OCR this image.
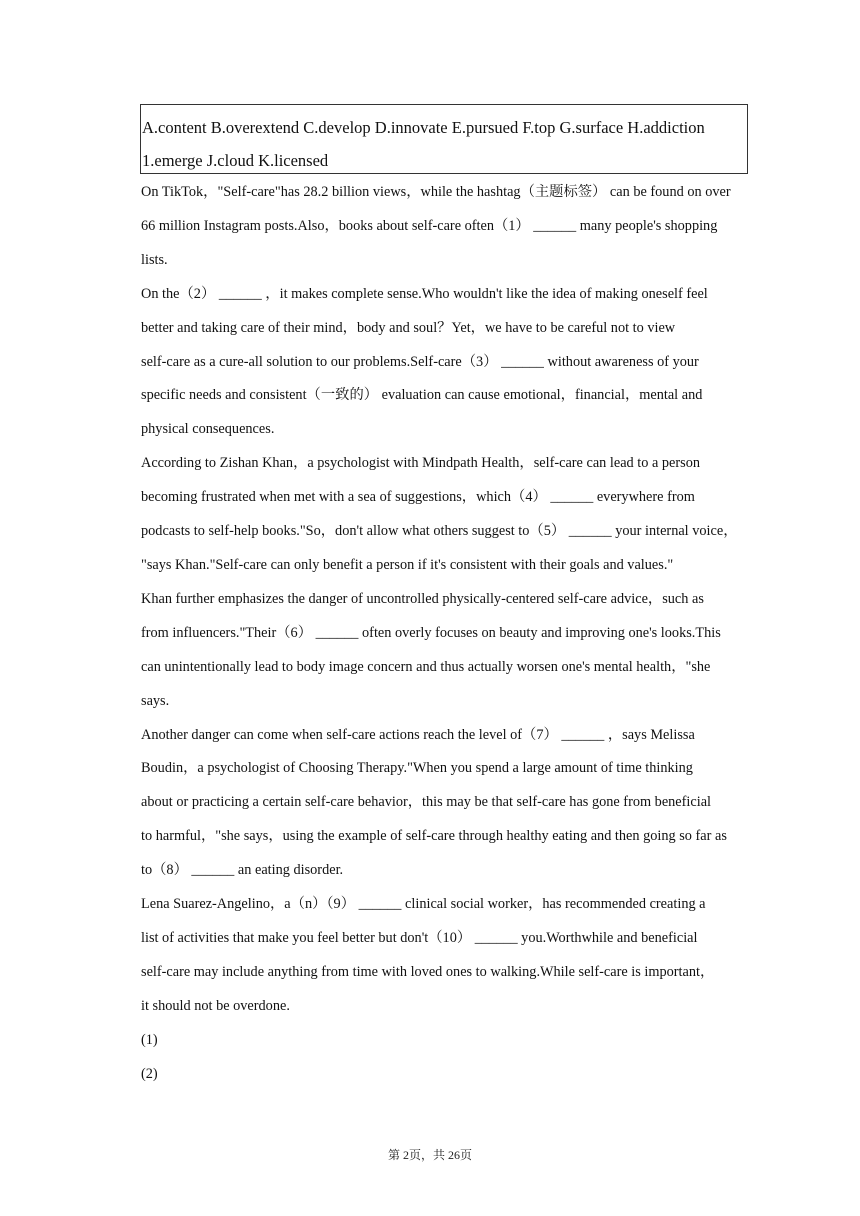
A.content B.overextend C.develop D.innovate E.pursued F.top G.surface H.addiction
1.emerge J.cloud K.licensed

On TikTok，"Self-care"has 28.2 billion views，while the hashtag（主题标签） can be found on over
66 million Instagram posts.Also，books about self-care often（1） ______ many people's shopping
lists.

On the（2） ______ ，it makes complete sense.Who wouldn't like the idea of making oneself feel
better and taking care of their mind，body and soul？Yet，we have to be careful not to view
self-care as a cure-all solution to our problems.Self-care（3） ______ without awareness of your
specific needs and consistent（一致的） evaluation can cause emotional，financial，mental and
physical consequences.

According to Zishan Khan，a psychologist with Mindpath Health，self-care can lead to a person
becoming frustrated when met with a sea of suggestions，which（4） ______ everywhere from
podcasts to self-help books."So，don't allow what others suggest to（5） ______ your internal voice，
"says Khan."Self-care can only benefit a person if it's consistent with their goals and values."

Khan further emphasizes the danger of uncontrolled physically-centered self-care advice，such as
from influencers."Their（6） ______ often overly focuses on beauty and improving one's looks.This
can unintentionally lead to body image concern and thus actually worsen one's mental health，"she
says.

Another danger can come when self-care actions reach the level of（7） ______ ，says Melissa
Boudin，a psychologist of Choosing Therapy."When you spend a large amount of time thinking
about or practicing a certain self-care behavior，this may be that self-care has gone from beneficial
to harmful，"she says，using the example of self-care through healthy eating and then going so far as
to（8） ______ an eating disorder.

Lena Suarez-Angelino，a（n）（9） ______ clinical social worker，has recommended creating a
list of activities that make you feel better but don't（10） ______ you.Worthwhile and beneficial
self-care may include anything from time with loved ones to walking.While self-care is important，
it should not be overdone.

(1)
(2)

第 2页，共 26页
